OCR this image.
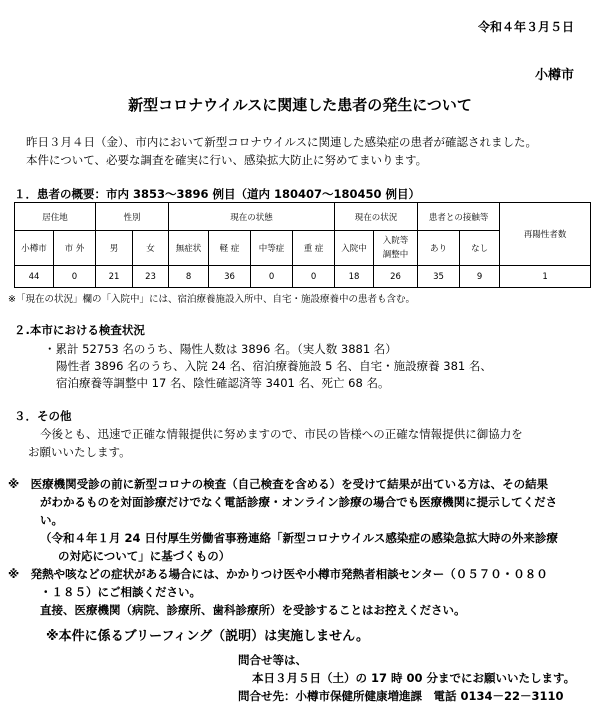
令和４年３月５日
小樽市
新型コロナウイルスに関連した患者の発生について
昨日３月４日（金）、市内において新型コロナウイルスに関連した感染症の患者が確認されました。
本件について、必要な調査を確実に行い、感染拡大防止に努めてまいります。
１．患者の概要：市内 3853～3896 例目（道内 180407～180450 例目）
居住地		性別		現在の状態				現在の状況		患者との接触等		再陽性者数
小樽市	市 外	男	女	無症状	軽 症	中等症	重 症	入院中	入院等調整中	あり	なし	
44	0	21	23	8	36	0	0	18	26	35	9	1
※「現在の状況」欄の「入院中」には、宿泊療養施設入所中、自宅・施設療養中の患者も含む。
２.本市における検査状況
・累計 52753 名のうち、陽性人数は 3896 名。（実人数 3881 名）
陽性者 3896 名のうち、入院 24 名、宿泊療養施設 5 名、自宅・施設療養 381 名、
宿泊療養等調整中 17 名、陰性確認済等 3401 名、死亡 68 名。
３．その他
今後とも、迅速で正確な情報提供に努めますので、市民の皆様への正確な情報提供に御協力を
お願いいたします。
※　医療機関受診の前に新型コロナの検査（自己検査を含める）を受けて結果が出ている方は、その結果
がわかるものを対面診療だけでなく電話診療・オンライン診療の場合でも医療機関に提示してくださ
い。
（令和４年１月 24 日付厚生労働省事務連絡「新型コロナウイルス感染症の感染急拡大時の外来診療
の対応について」に基づくもの）
※　発熱や咳などの症状がある場合には、かかりつけ医や小樽市発熱者相談センター（０５７０・０８０
・１８５）にご相談ください。
直接、医療機関（病院、診療所、歯科診療所）を受診することはお控えください。
※本件に係るブリーフィング（説明）は実施しません。
問合せ等は、
本日３月５日（土）の 17 時 00 分までにお願いいたします。
問合せ先：小樽市保健所健康増進課　電話 0134－22－3110
